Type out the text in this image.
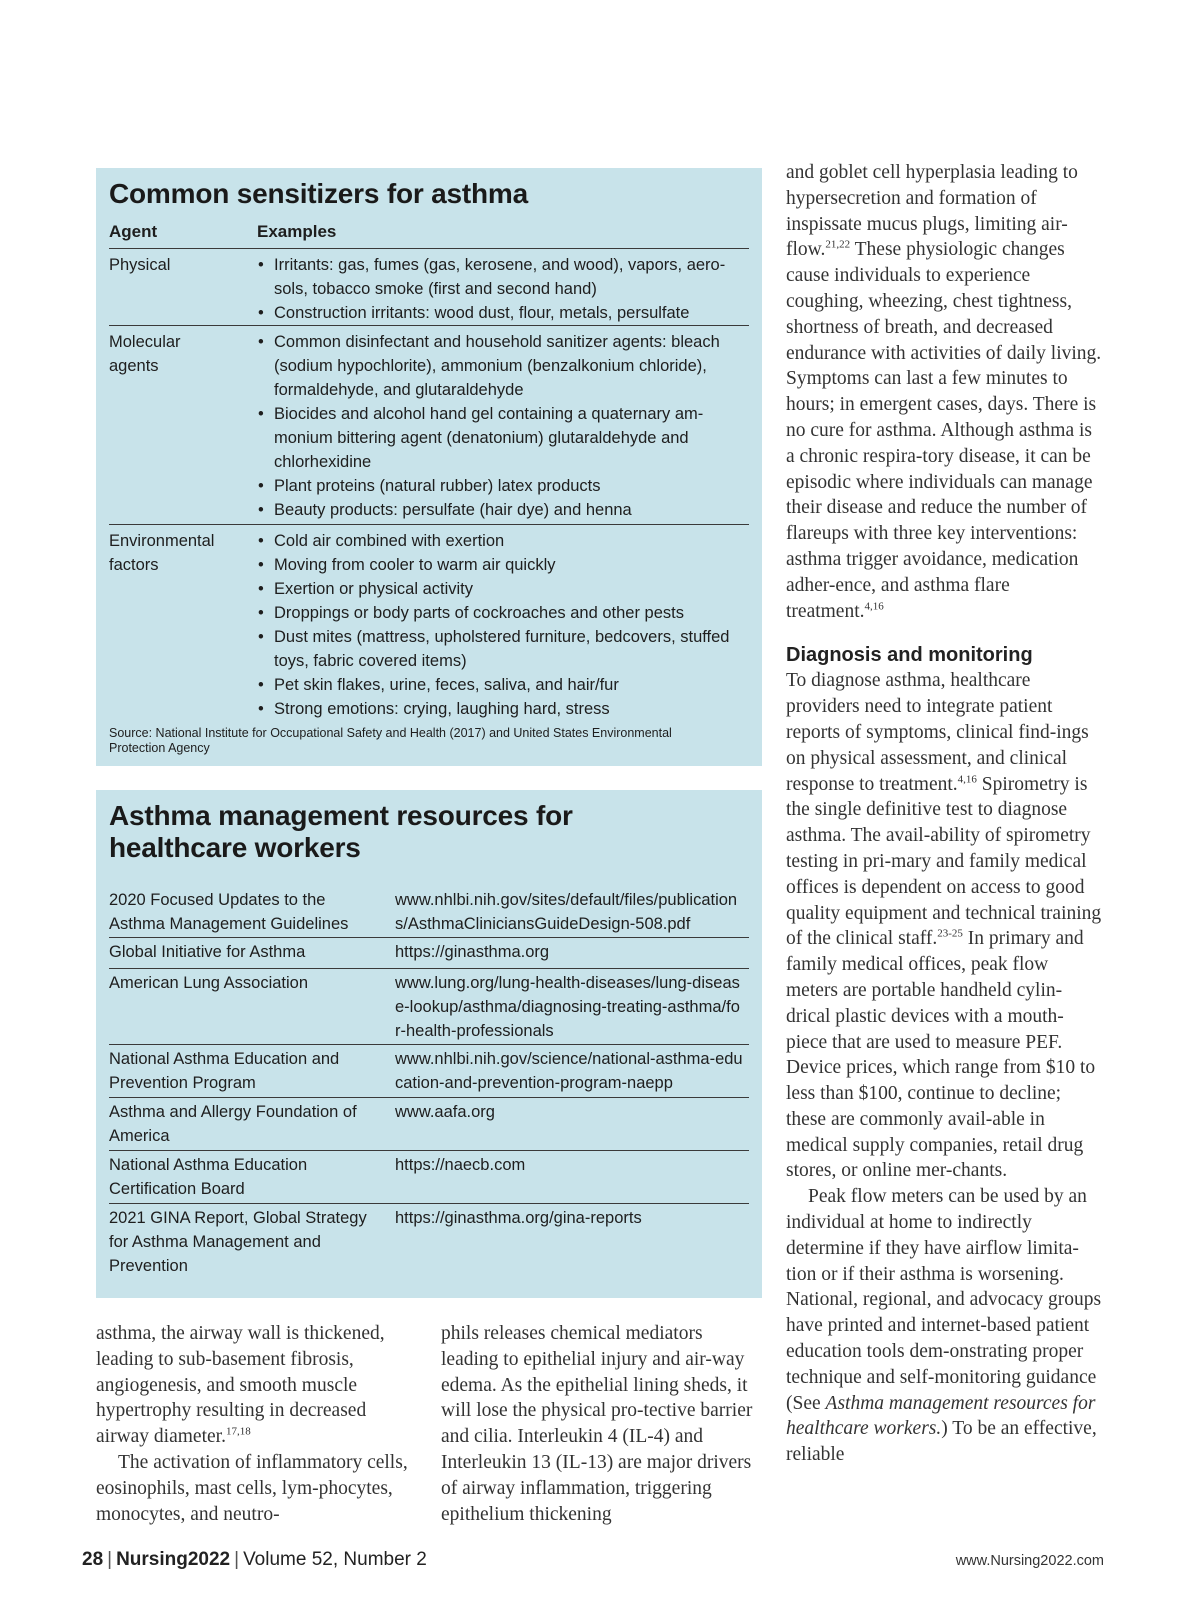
Common sensitizers for asthma
Agent	Examples
Physical
•	Irritants: gas, fumes (gas, kerosene, and wood), vapors, aero-sols, tobacco smoke (first and second hand)
• Construction irritants: wood dust, flour, metals, persulfate
Molecular agents
• Common disinfectant and household sanitizer agents: bleach (sodium hypochlorite), ammonium (benzalkonium chloride), formaldehyde, and glutaraldehyde
• Biocides and alcohol hand gel containing a quaternary am-monium bittering agent (denatonium) glutaraldehyde and chlorhexidine
• Plant proteins (natural rubber) latex products
• Beauty products: persulfate (hair dye) and henna
Environmental factors
• Cold air combined with exertion
• Moving from cooler to warm air quickly
• Exertion or physical activity
• Droppings or body parts of cockroaches and other pests
• Dust mites (mattress, upholstered furniture, bedcovers, stuffed toys, fabric covered items)
• Pet skin flakes, urine, feces, saliva, and hair/fur
• Strong emotions: crying, laughing hard, stress
Source: National Institute for Occupational Safety and Health (2017) and United States Environmental Protection Agency
Asthma management resources for healthcare workers
2020 Focused Updates to the Asthma Management Guidelines
www.nhlbi.nih.gov/sites/default/files/publications/AsthmaCliniciansGuideDesign-508.pdf
Global Initiative for Asthma	https://ginasthma.org
American Lung Association	www.lung.org/lung-health-diseases/lung-disease-lookup/asthma/diagnosing-treating-asthma/for-health-professionals
National Asthma Education and Prevention Program
www.nhlbi.nih.gov/science/national-asthma-education-and-prevention-program-naepp
Asthma and Allergy Foundation of America
www.aafa.org
National Asthma Education Certification Board
https://naecb.com
2021 GINA Report, Global Strategy for Asthma Management and Prevention
https://ginasthma.org/gina-reports

and goblet cell hyperplasia leading to hypersecretion and formation of inspissate mucus plugs, limiting air-flow.$^{21,22}$ These physiologic changes cause individuals to experience coughing, wheezing, chest tightness, shortness of breath, and decreased endurance with activities of daily living. Symptoms can last a few minutes to hours; in emergent cases, days. There is no cure for asthma. Although asthma is a chronic respira-tory disease, it can be episodic where individuals can manage their disease and reduce the number of flareups with three key interventions: asthma trigger avoidance, medication adher-ence, and asthma flare treatment.$^{4,16}$

Diagnosis and monitoring

To diagnose asthma, healthcare providers need to integrate patient reports of symptoms, clinical find-ings on physical assessment, and clinical response to treatment.$^{4,16}$ Spirometry is the single definitive test to diagnose asthma. The avail-ability of spirometry testing in pri-mary and family medical offices is dependent on access to good quality equipment and technical training of the clinical staff.$^{23-25}$ In primary and family medical offices, peak flow meters are portable handheld cylin-drical plastic devices with a mouth-piece that are used to measure PEF. Device prices, which range from $10 to less than $100, continue to decline; these are commonly avail-able in medical supply companies, retail drug stores, or online mer-chants.

Peak flow meters can be used by an individual at home to indirectly determine if they have airflow limita-tion or if their asthma is worsening. National, regional, and advocacy groups have printed and internet-based patient education tools dem-onstrating proper technique and self-monitoring guidance (See Asthma management resources for healthcare workers.) To be an effective, reliable

asthma, the airway wall is thickened, leading to sub-basement fibrosis, angiogenesis, and smooth muscle hypertrophy resulting in decreased airway diameter.$^{17,18}$

The activation of inflammatory cells, eosinophils, mast cells, lym-phocytes, monocytes, and neutro-

phils releases chemical mediators leading to epithelial injury and air-way edema. As the epithelial lining sheds, it will lose the physical pro-tective barrier and cilia. Interleukin 4 (IL-4) and Interleukin 13 (IL-13) are major drivers of airway inflammation, triggering epithelium thickening

28 | Nursing2022 | Volume 52, Number 2	www.Nursing2022.com
